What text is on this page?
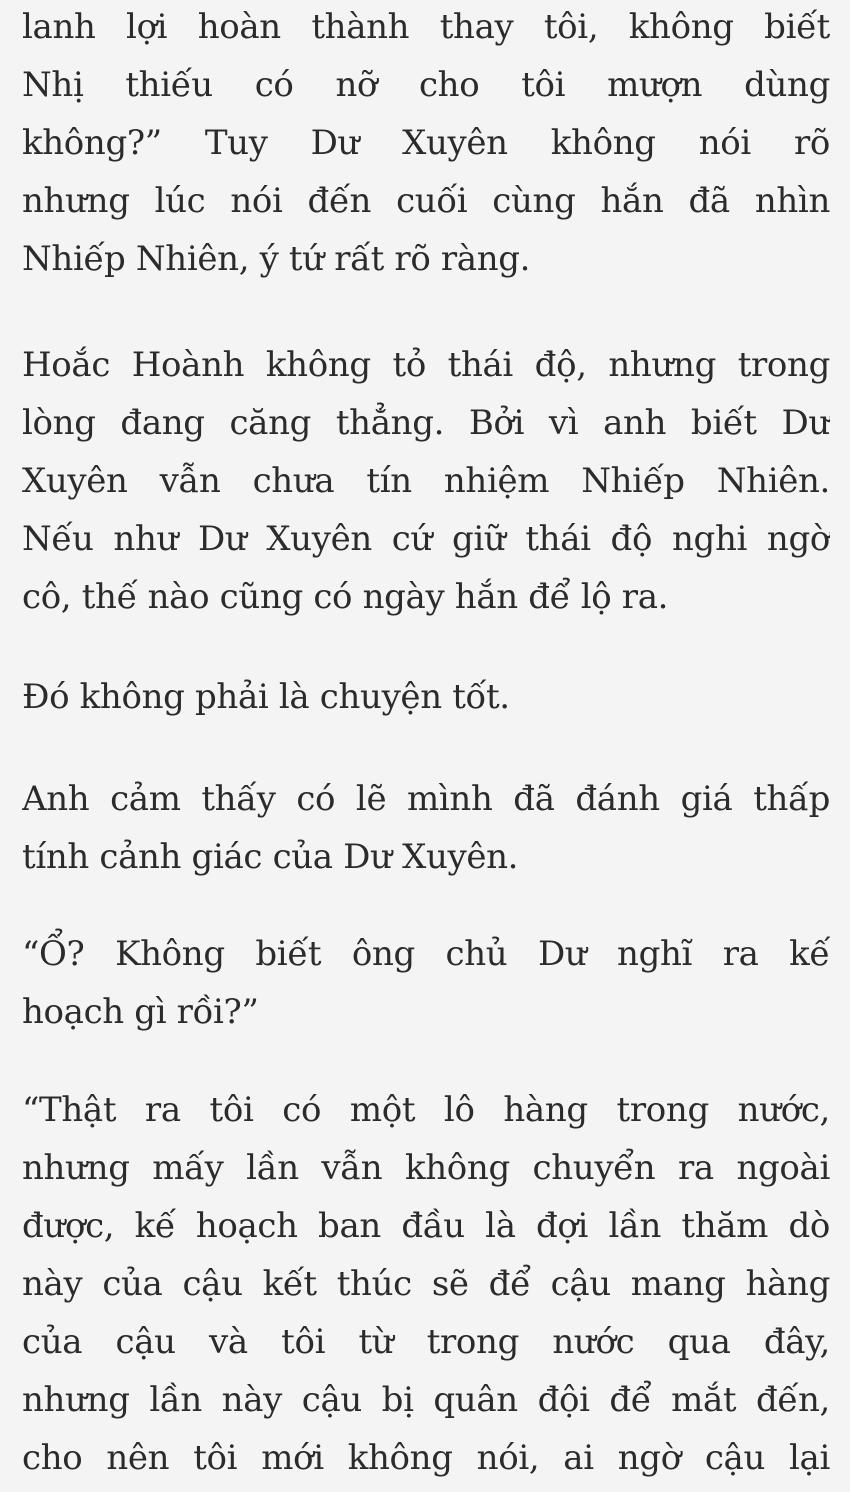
lanh lợi hoàn thành thay tôi, không biết
Nhị thiếu có nỡ cho tôi mượn dùng
không?” Tuy Dư Xuyên không nói rõ
nhưng lúc nói đến cuối cùng hắn đã nhìn
Nhiếp Nhiên, ý tứ rất rõ ràng.
Hoắc Hoành không tỏ thái độ, nhưng trong
lòng đang căng thẳng. Bởi vì anh biết Dư
Xuyên vẫn chưa tín nhiệm Nhiếp Nhiên.
Nếu như Dư Xuyên cứ giữ thái độ nghi ngờ
cô, thế nào cũng có ngày hắn để lộ ra.
Đó không phải là chuyện tốt.
Anh cảm thấy có lẽ mình đã đánh giá thấp
tính cảnh giác của Dư Xuyên.
“Ổ? Không biết ông chủ Dư nghĩ ra kế
hoạch gì rồi?”
“Thật ra tôi có một lô hàng trong nước,
nhưng mấy lần vẫn không chuyển ra ngoài
được, kế hoạch ban đầu là đợi lần thăm dò
này của cậu kết thúc sẽ để cậu mang hàng
của cậu và tôi từ trong nước qua đây,
nhưng lần này cậu bị quân đội để mắt đến,
cho nên tôi mới không nói, ai ngờ cậu lại
